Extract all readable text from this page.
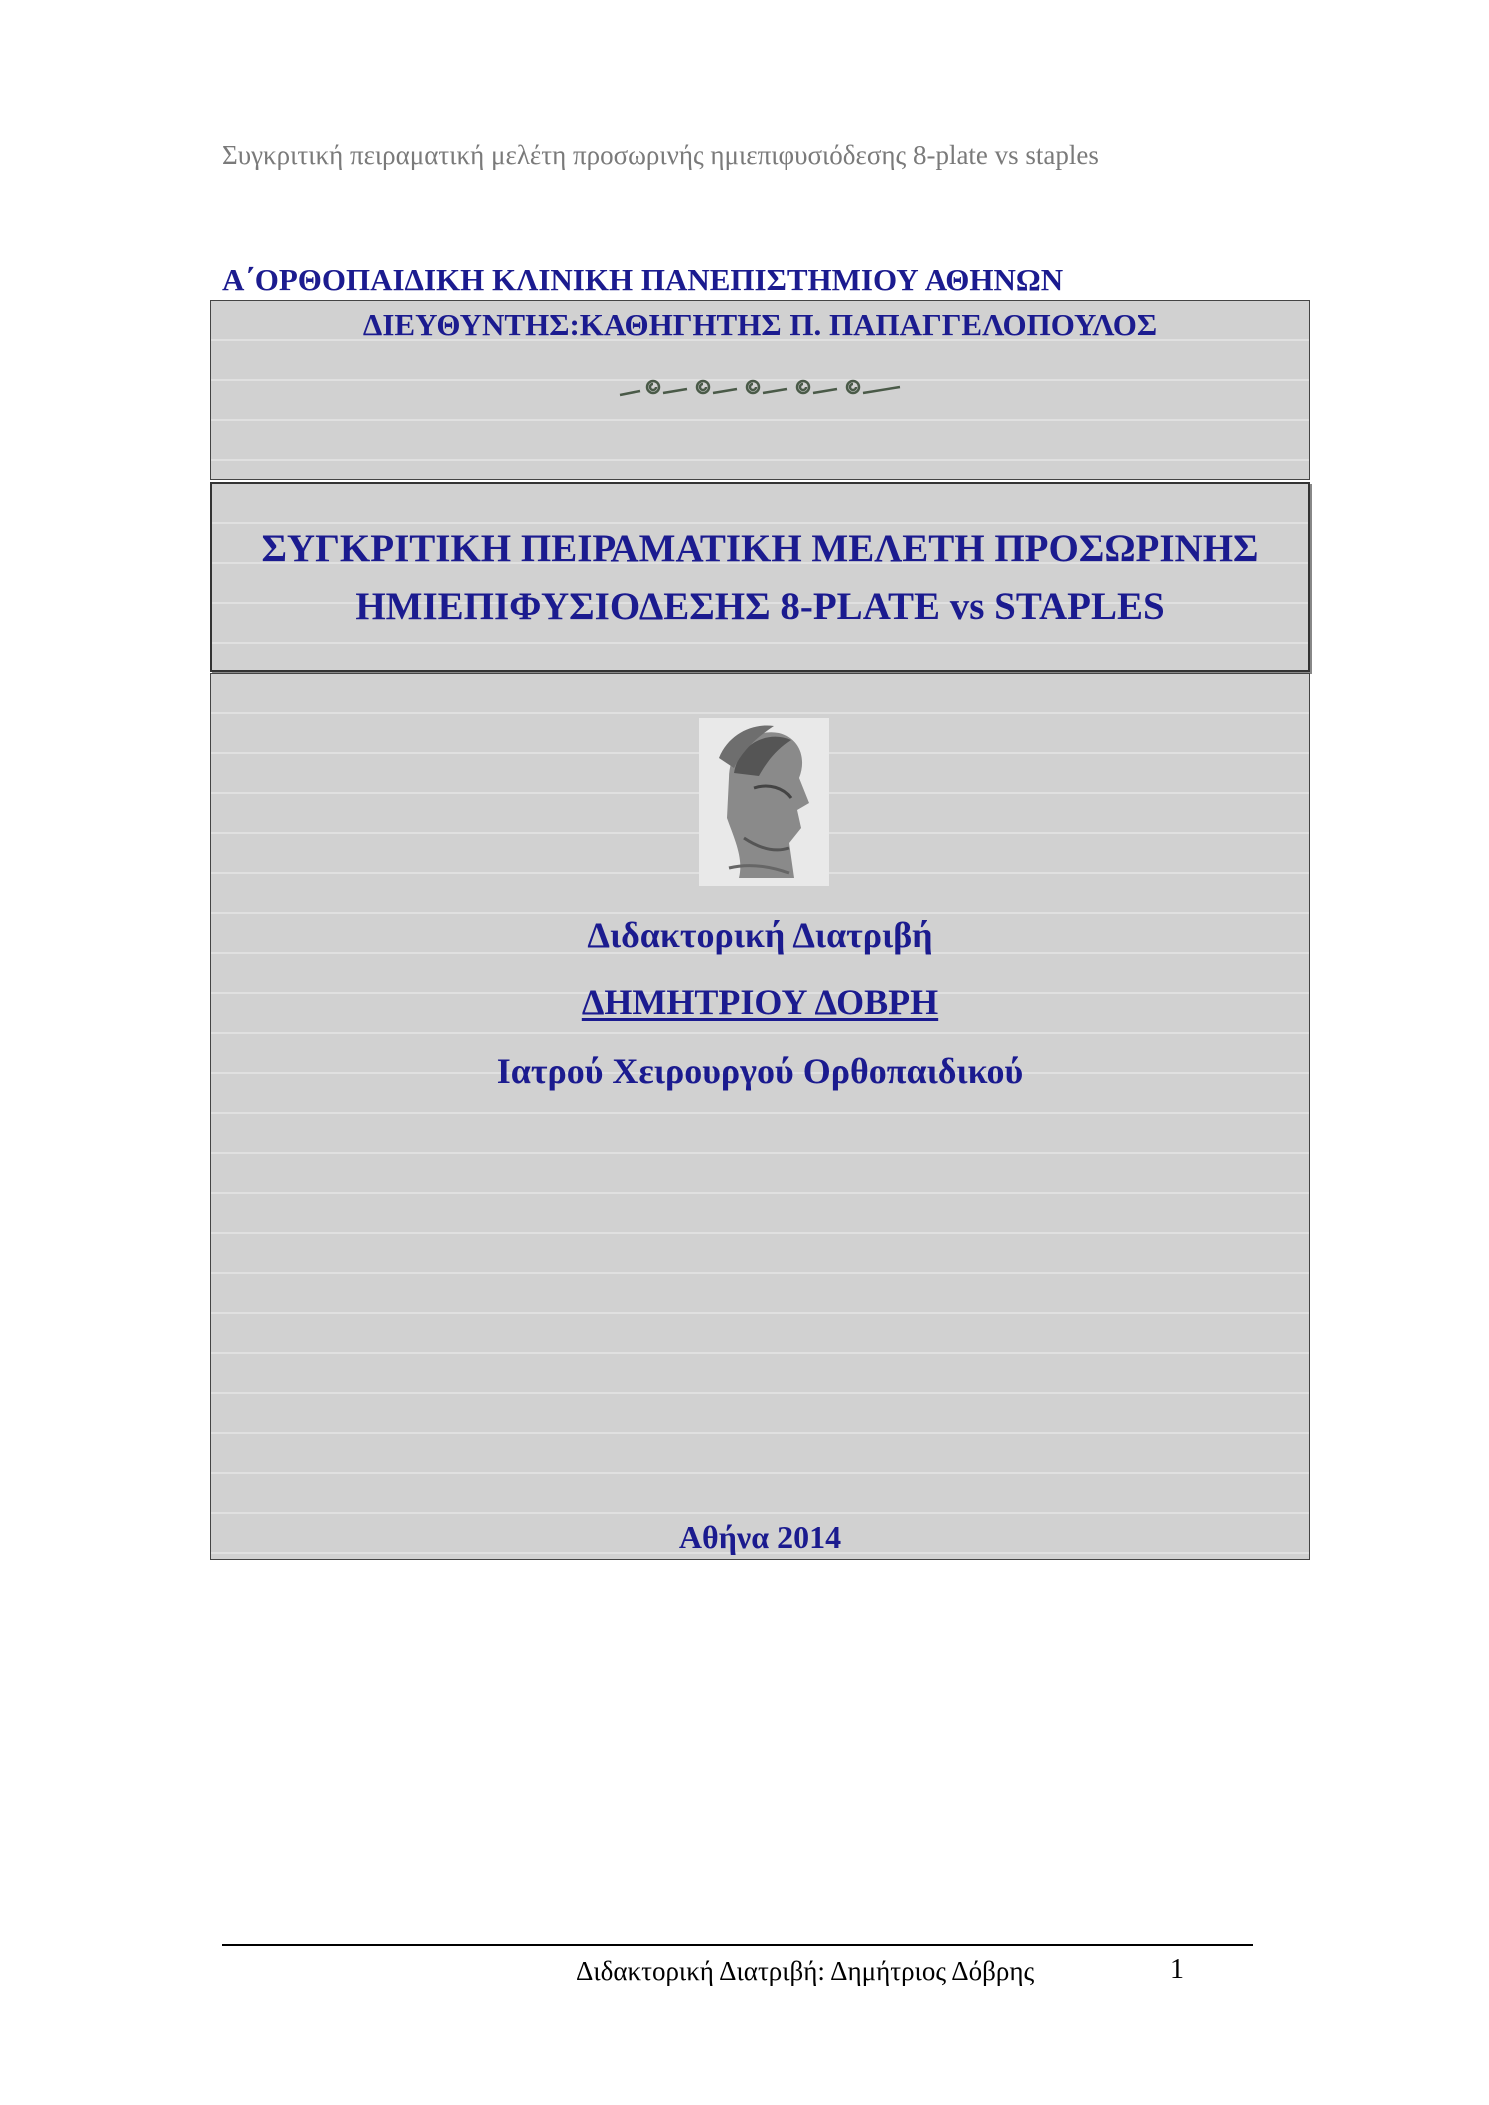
Συγκριτική πειραματική μελέτη προσωρινής ημιεπιφυσιόδεσης 8-plate vs staples
Α΄ΟΡΘΟΠΑΙΔΙΚΗ ΚΛΙΝΙΚΗ ΠΑΝΕΠΙΣΤΗΜΙΟΥ ΑΘΗΝΩΝ
ΔΙΕΥΘΥΝΤΗΣ:ΚΑΘΗΓΗΤΗΣ Π. ΠΑΠΑΓΓΕΛΟΠΟΥΛΟΣ
ΣΥΓΚΡΙΤΙΚΗ ΠΕΙΡΑΜΑΤΙΚΗ ΜΕΛΕΤΗ ΠΡΟΣΩΡΙΝΗΣ
ΗΜΙΕΠΙΦΥΣΙΟΔΕΣΗΣ 8-PLATE vs STAPLES
Διδακτορική Διατριβή
ΔΗΜΗΤΡΙΟΥ ΔΟΒΡΗ
Ιατρού Χειρουργού Ορθοπαιδικού
Αθήνα 2014
Διδακτορική Διατριβή: Δημήτριος Δόβρης	1
